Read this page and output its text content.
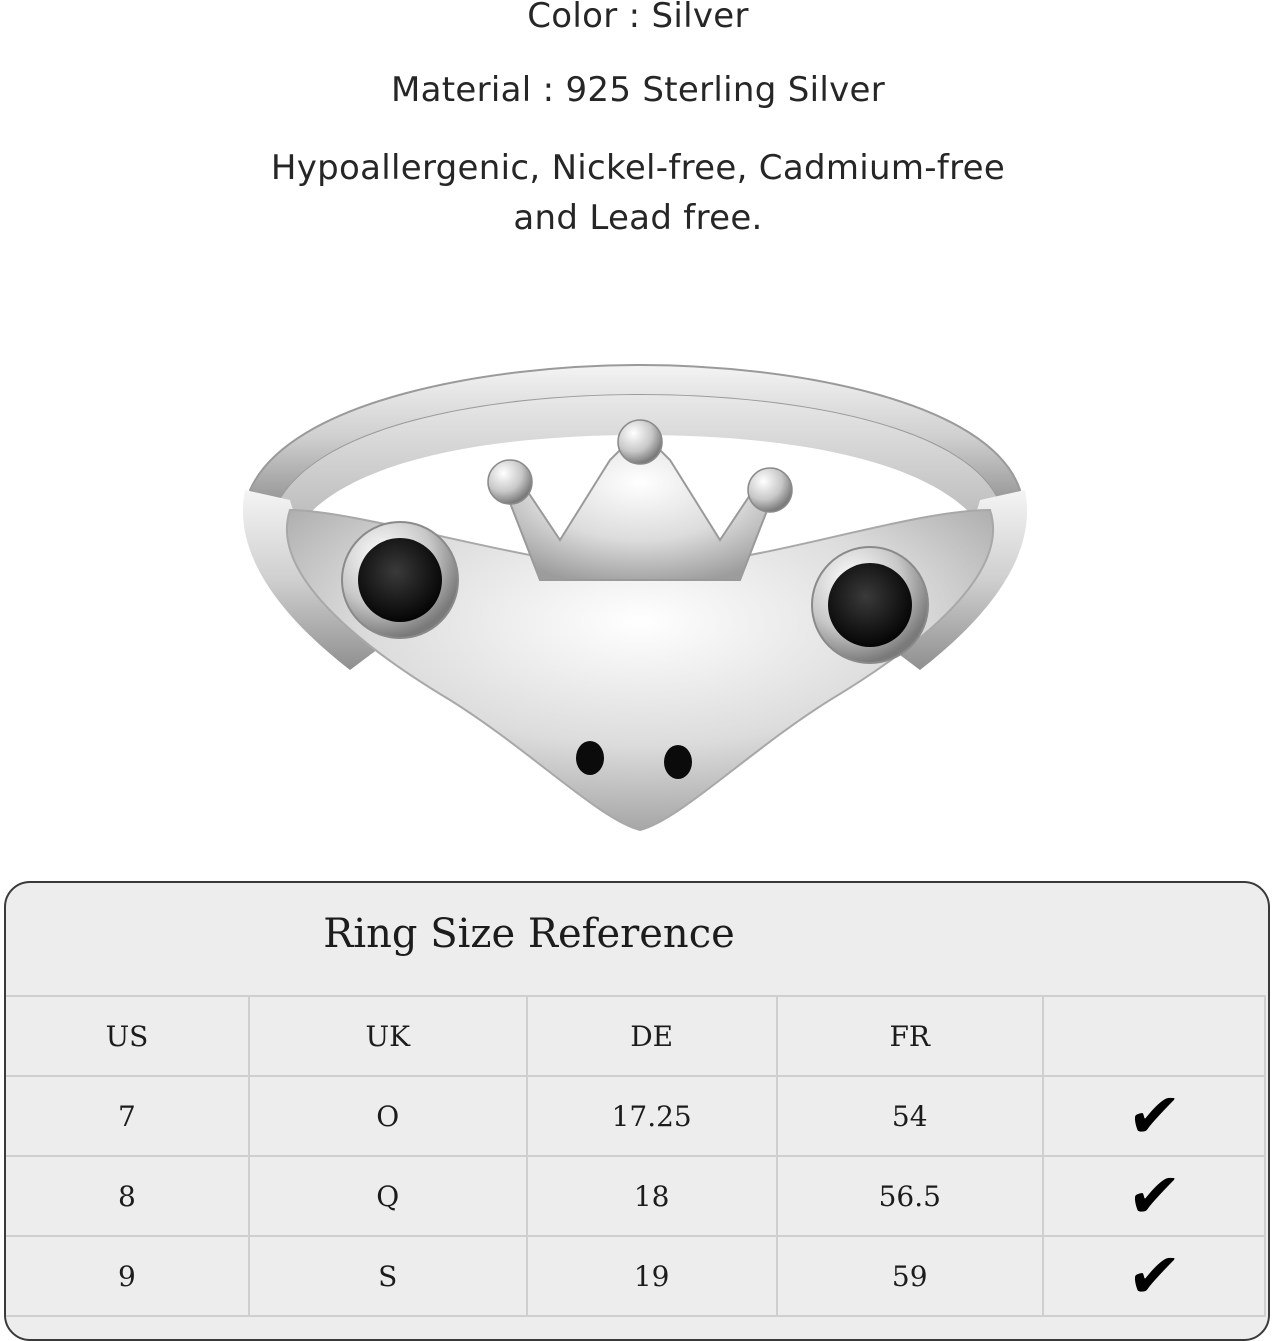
Color : Silver
Material : 925 Sterling Silver
Hypoallergenic, Nickel-free, Cadmium-free
and Lead free.
Ring Size Reference
US	UK	DE	FR	
7	O	17.25	54	✔
8	Q	18	56.5	✔
9	S	19	59	✔
